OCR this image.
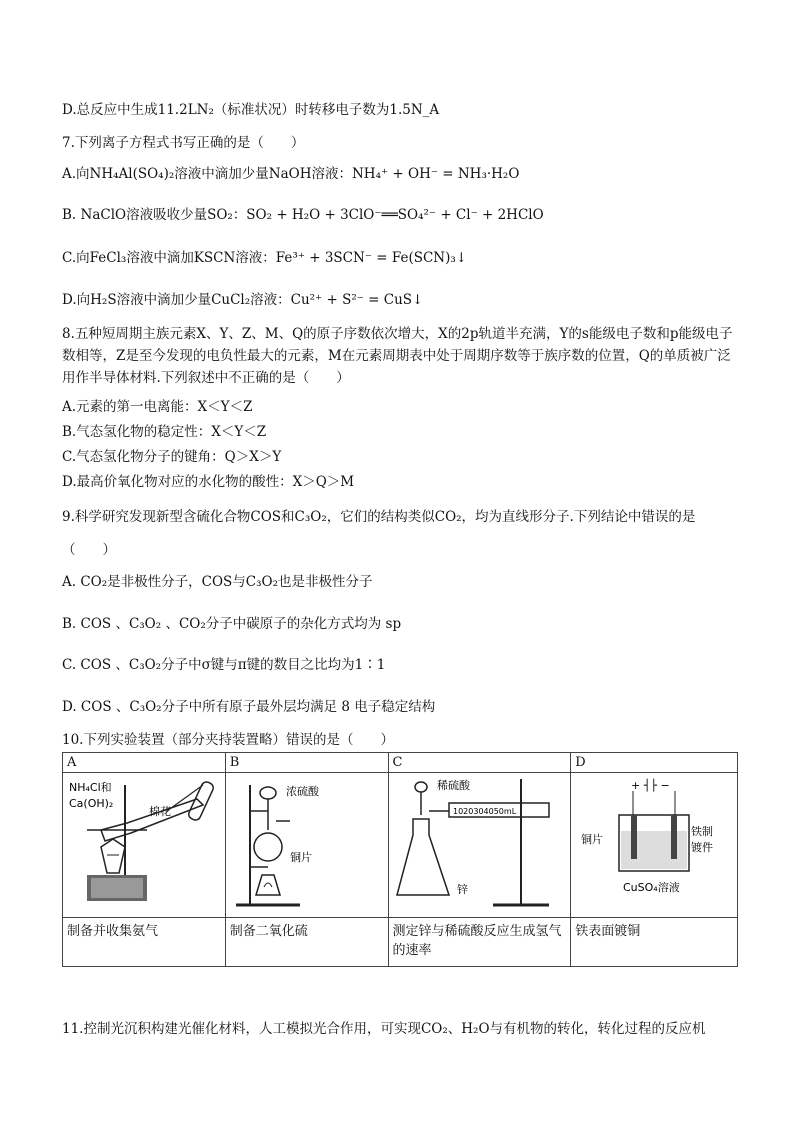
D.总反应中生成11.2LN₂（标准状况）时转移电子数为1.5N_A
7.下列离子方程式书写正确的是（　　）
A.向NH₄Al(SO₄)₂溶液中滴加少量NaOH溶液：NH₄⁺ + OH⁻ = NH₃·H₂O
B. NaClO溶液吸收少量SO₂：SO₂ + H₂O + 3ClO⁻══SO₄²⁻ + Cl⁻ + 2HClO
C.向FeCl₃溶液中滴加KSCN溶液：Fe³⁺ + 3SCN⁻ = Fe(SCN)₃↓
D.向H₂S溶液中滴加少量CuCl₂溶液：Cu²⁺ + S²⁻ = CuS↓
8.五种短周期主族元素X、Y、Z、M、Q的原子序数依次增大，X的2p轨道半充满，Y的s能级电子数和p能级电子数相等，Z是至今发现的电负性最大的元素，M在元素周期表中处于周期序数等于族序数的位置，Q的单质被广泛用作半导体材料.下列叙述中不正确的是（　　）
A.元素的第一电离能：X＜Y＜Z
B.气态氢化物的稳定性：X＜Y＜Z
C.气态氢化物分子的键角：Q＞X＞Y
D.最高价氧化物对应的水化物的酸性：X＞Q＞M
9.科学研究发现新型含硫化合物COS和C₃O₂，它们的结构类似CO₂，均为直线形分子.下列结论中错误的是
（　　）
A. CO₂是非极性分子，COS与C₃O₂也是非极性分子
B. COS 、C₃O₂ 、CO₂分子中碳原子的杂化方式均为 sp
C. COS 、C₃O₂分子中σ键与π键的数目之比均为1∶1
D. COS 、C₃O₂分子中所有原子最外层均满足 8 电子稳定结构
10.下列实验装置（部分夹持装置略）错误的是（　　）
A	B	C	D

NH₄Cl和
Ca(OH)₂
棉花	浓硫酸
铜片	稀硫酸
1020304050mL
锌	+ ┤├ −
铜片
铁制
镀件
CuSO₄溶液

制备并收集氨气	制备二氧化硫	测定锌与稀硫酸反应生成氢气的速率	铁表面镀铜
11.控制光沉积构建光催化材料，人工模拟光合作用，可实现CO₂、H₂O与有机物的转化，转化过程的反应机
